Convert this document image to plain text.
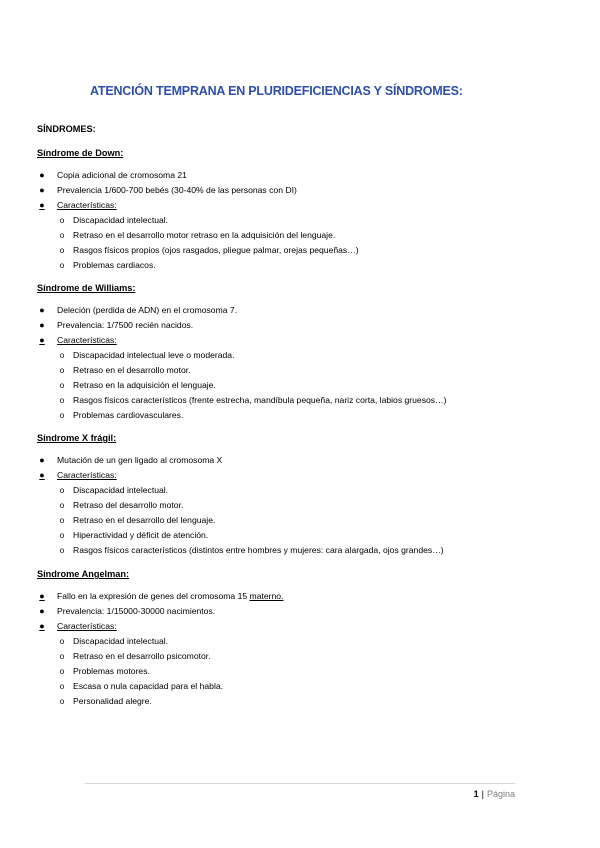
ATENCIÓN TEMPRANA EN PLURIDEFICIENCIAS Y SÍNDROMES:
SÍNDROMES:
Síndrome de Down:
● Copia adicional de cromosoma 21
● Prevalencia 1/600-700 bebés (30-40% de las personas con DI)
● Características:
o	Discapacidad intelectual.
o	Retraso en el desarrollo motor retraso en la adquisición del lenguaje.
o	Rasgos físicos propios (ojos rasgados, pliegue palmar, orejas pequeñas…)
o	Problemas cardiacos.
Síndrome de Williams:
● Deleción (perdida de ADN) en el cromosoma 7.
● Prevalencia: 1/7500 recién nacidos.
● Características:
o	Discapacidad intelectual leve o moderada.
o	Retraso en el desarrollo motor.
o	Retraso en la adquisición el lenguaje.
o	Rasgos físicos característicos (frente estrecha, mandíbula pequeña, nariz corta, labios gruesos…)
o	Problemas cardiovasculares.
Síndrome X frágil:
● Mutación de un gen ligado al cromosoma X
● Características:
o	Discapacidad intelectual.
o	Retraso del desarrollo motor.
o	Retraso en el desarrollo del lenguaje.
o	Hiperactividad y déficit de atención.
o	Rasgos físicos característicos (distintos entre hombres y mujeres: cara alargada, ojos grandes…)
Síndrome Angelman:
● Fallo en la expresión de genes del cromosoma 15 materno.
● Prevalencia: 1/15000-30000 nacimientos.
● Características:
o	Discapacidad intelectual.
o	Retraso en el desarrollo psicomotor.
o	Problemas motores.
o	Escasa o nula capacidad para el habla.
o	Personalidad alegre.
1 | Página
